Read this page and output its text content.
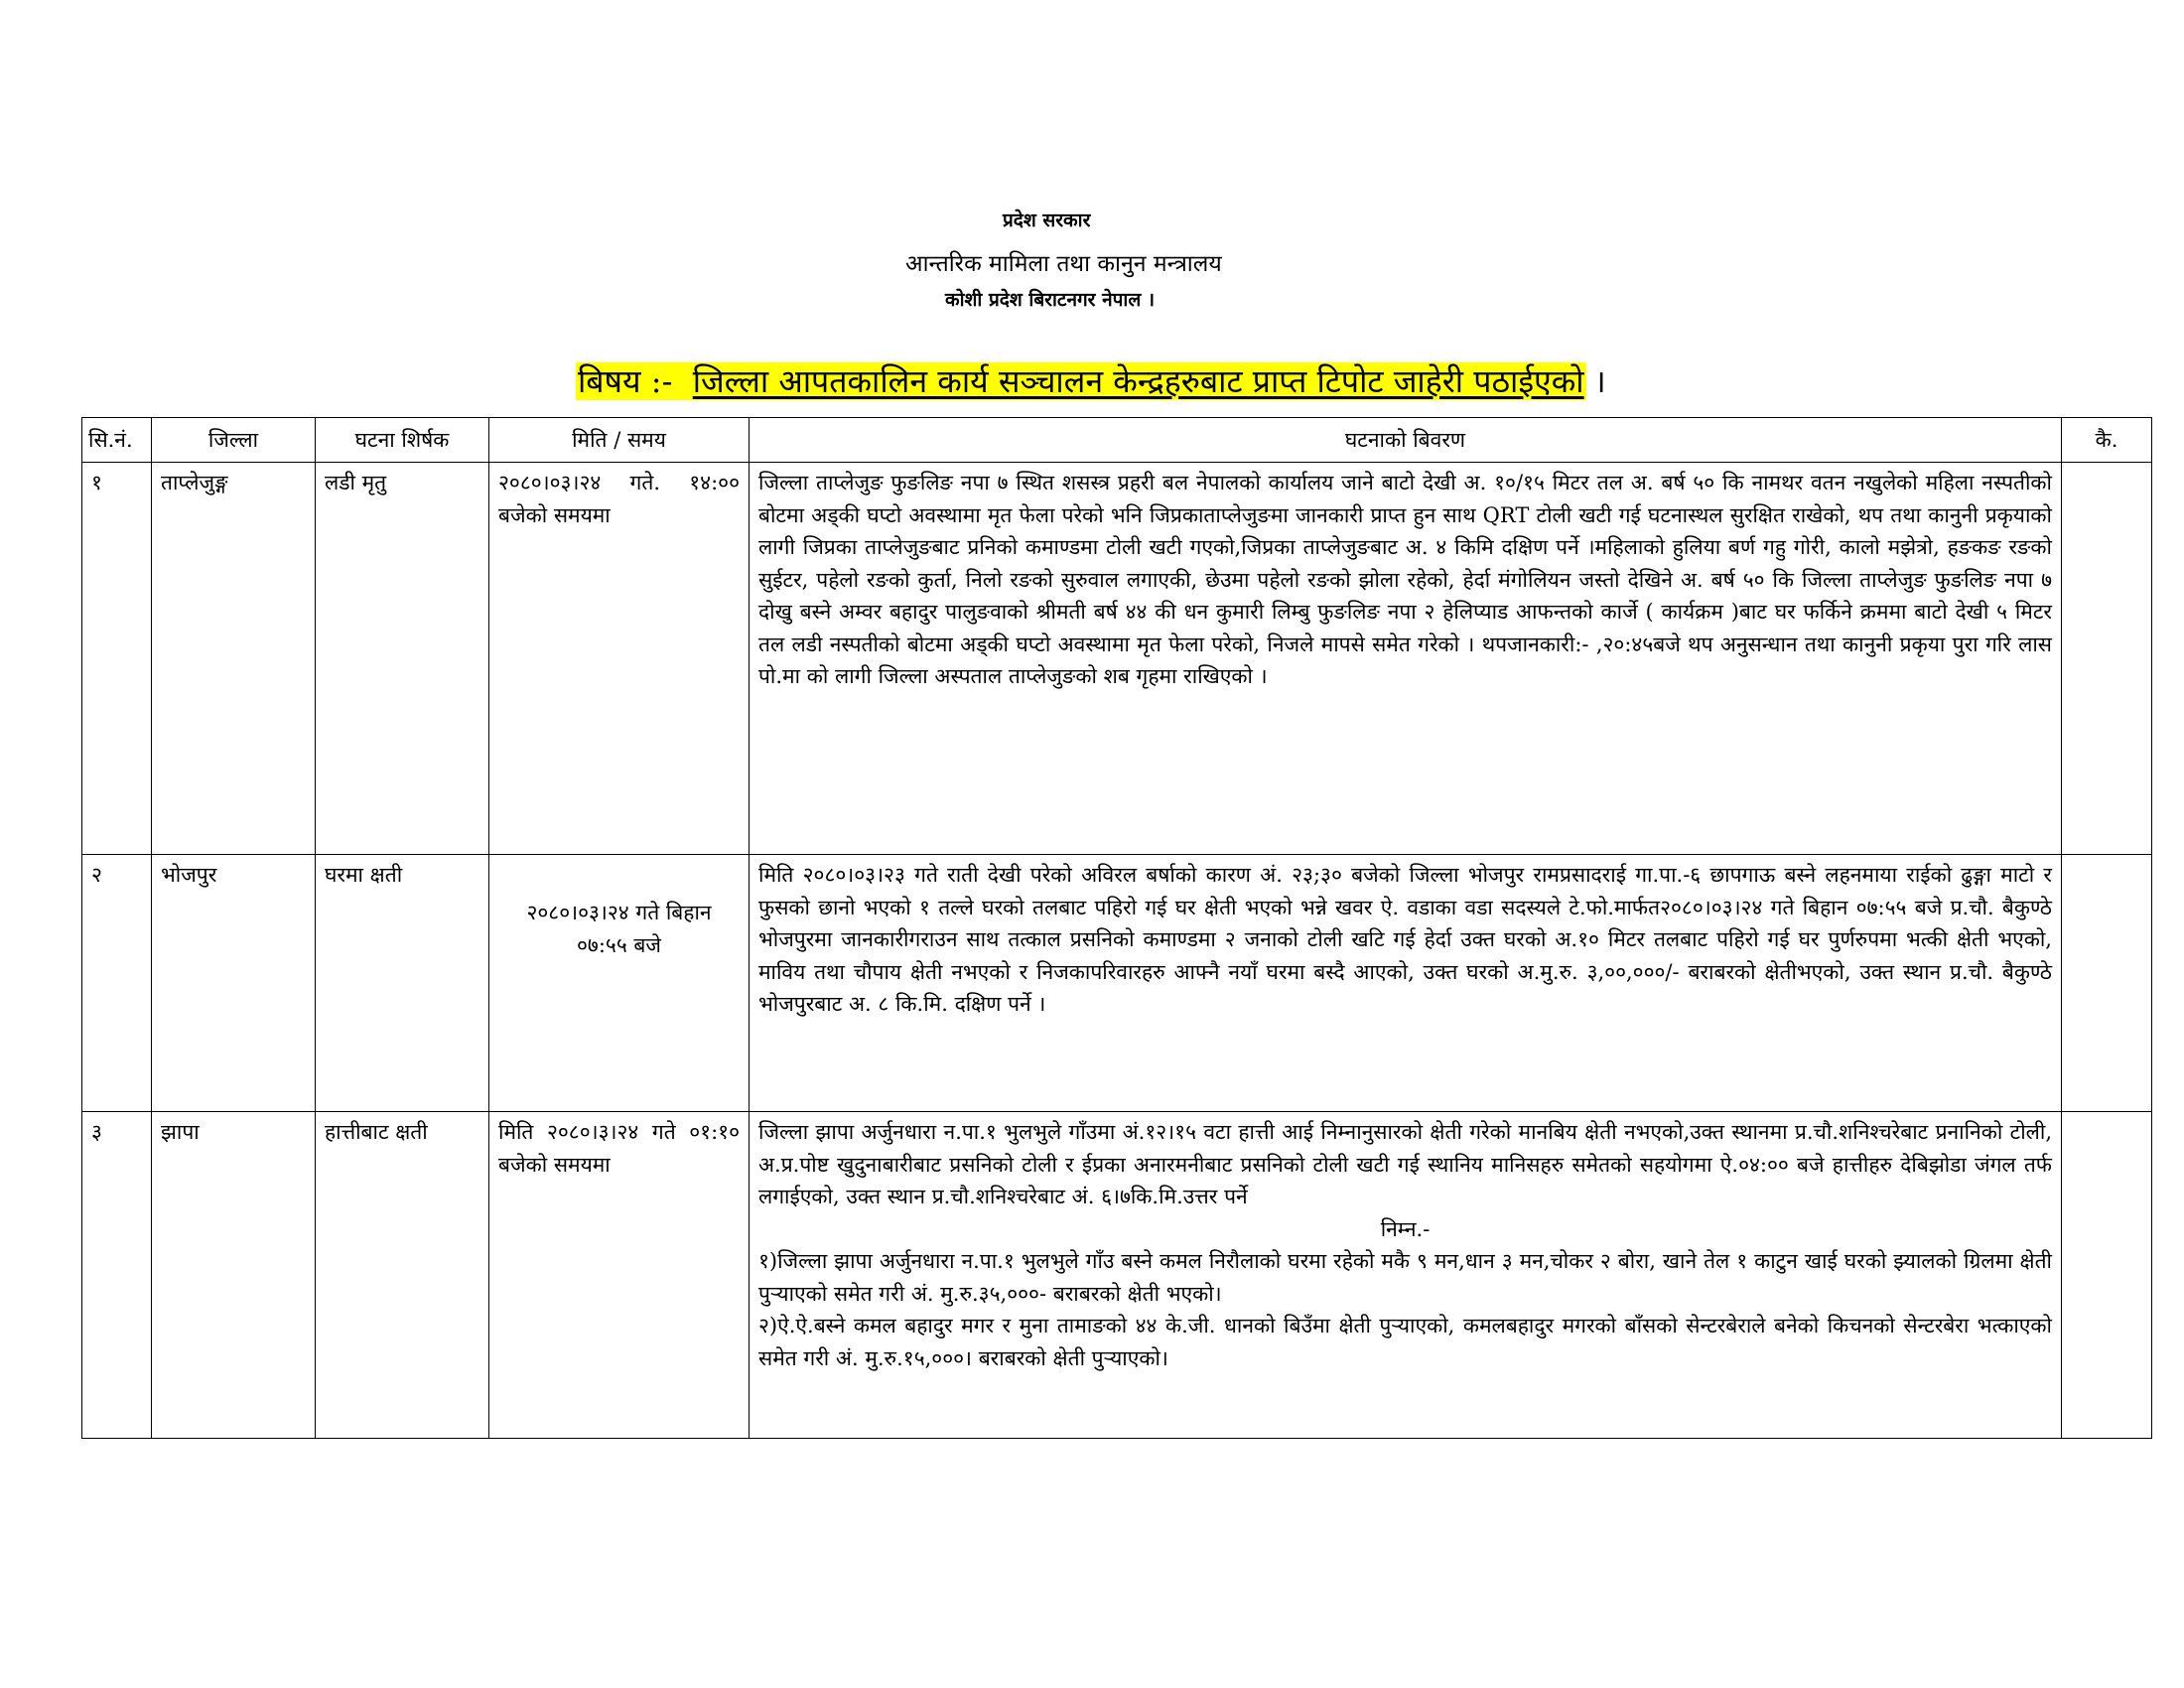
प्रदेश सरकार
आन्तरिक मामिला तथा कानुन मन्त्रालय
कोशी प्रदेश बिराटनगर नेपाल ।
बिषय :- जिल्ला आपतकालिन कार्य सञ्चालन केन्द्रहरुबाट प्राप्त टिपोट जाहेरी पठाईएको ।
सि.नं.	जिल्ला	घटना शिर्षक	मिति / समय	घटनाको बिवरण	कै.
१	ताप्लेजुङ्ग	लडी मृतु	२०८०।०३।२४ गते. १४:०० बजेको समयमा	जिल्ला ताप्लेजुङ फुङलिङ नपा ७ स्थित शसस्त्र प्रहरी बल नेपालको कार्यालय जाने बाटो देखी अ. १०/१५ मिटर तल अ. बर्ष ५० कि नामथर वतन नखुलेको महिला नस्पतीको बोटमा अड्की घप्टो अवस्थामा मृत फेला परेको भनि जिप्रकाताप्लेजुङमा जानकारी प्राप्त हुन साथ QRT टोली खटी गई घटनास्थल सुरक्षित राखेको, थप तथा कानुनी प्रकृयाको लागी जिप्रका ताप्लेजुङबाट प्रनिको कमाण्डमा टोली खटी गएको,जिप्रका ताप्लेजुङबाट अ. ४ किमि दक्षिण पर्ने ।महिलाको हुलिया बर्ण गहु गोरी, कालो मझेत्रो, हङकङ रङको सुईटर, पहेलो रङको कुर्ता, निलो रङको सुरुवाल लगाएकी, छेउमा पहेलो रङको झोला रहेको, हेर्दा मंगोलियन जस्तो देखिने अ. बर्ष ५० कि जिल्ला ताप्लेजुङ फुङलिङ नपा ७ दोखु बस्ने अम्वर बहादुर पालुङवाको श्रीमती बर्ष ४४ की धन कुमारी लिम्बु फुङलिङ नपा २ हेलिप्याड आफन्तको कार्जे ( कार्यक्रम )बाट घर फर्किने क्रममा बाटो देखी ५ मिटर तल लडी नस्पतीको बोटमा अड्की घप्टो अवस्थामा मृत फेला परेको, निजले मापसे समेत गरेको । थपजानकारी:- ,२०:४५बजे थप अनुसन्धान तथा कानुनी प्रकृया पुरा गरि लास पो.मा को लागी जिल्ला अस्पताल ताप्लेजुङको शब गृहमा राखिएको ।	
२	भोजपुर	घरमा क्षती	२०८०।०३।२४ गते बिहान ०७:५५ बजे	मिति २०८०।०३।२३ गते राती देखी परेको अविरल बर्षाको कारण अं. २३;३० बजेको जिल्ला भोजपुर रामप्रसादराई गा.पा.-६ छापगाऊ बस्ने लहनमाया राईको ढुङ्गा माटो र फुसको छानो भएको १ तल्ले घरको तलबाट पहिरो गई घर क्षेती भएको भन्ने खवर ऐ. वडाका वडा सदस्यले टे.फो.मार्फत२०८०।०३।२४ गते बिहान ०७:५५ बजे प्र.चौ. बैकुण्ठे भोजपुरमा जानकारीगराउन साथ तत्काल प्रसनिको कमाण्डमा २ जनाको टोली खटि गई हेर्दा उक्त घरको अ.१० मिटर तलबाट पहिरो गई घर पुर्णरुपमा भत्की क्षेती भएको, माविय तथा चौपाय क्षेती नभएको र निजकापरिवारहरु आफ्नै नयाँ घरमा बस्दै आएको, उक्त घरको अ.मु.रु. ३,००,०००/- बराबरको क्षेतीभएको, उक्त स्थान प्र.चौ. बैकुण्ठे भोजपुरबाट अ. ८ कि.मि. दक्षिण पर्ने ।	
३	झापा	हात्तीबाट क्षती	मिति २०८०।३।२४ गते ०१:१० बजेको समयमा	जिल्ला झापा अर्जुनधारा न.पा.१ भुलभुले गाँउमा अं.१२।१५ वटा हात्ती आई निम्नानुसारको क्षेती गरेको मानबिय क्षेती नभएको,उक्त स्थानमा प्र.चौ.शनिश्चरेबाट प्रनानिको टोली, अ.प्र.पोष्ट खुदुनाबारीबाट प्रसनिको टोली र ईप्रका अनारमनीबाट प्रसनिको टोली खटी गई स्थानिय मानिसहरु समेतको सहयोगमा ऐ.०४:०० बजे हात्तीहरु देबिझोडा जंगल तर्फ लगाईएको, उक्त स्थान प्र.चौ.शनिश्चरेबाट अं. ६।७कि.मि.उत्तर पर्ने
निम्न.-
१)जिल्ला झापा अर्जुनधारा न.पा.१ भुलभुले गाँउ बस्ने कमल निरौलाको घरमा रहेको मकै ९ मन,धान ३ मन,चोकर २ बोरा, खाने तेल १ काटुन खाई घरको झ्यालको ग्रिलमा क्षेती पुऱ्याएको समेत गरी अं. मु.रु.३५,०००- बराबरको क्षेती भएको।
२)ऐ.ऐ.बस्ने कमल बहादुर मगर र मुना तामाङको ४४ के.जी. धानको बिउँमा क्षेती पुऱ्याएको, कमलबहादुर मगरको बाँसको सेन्टरबेराले बनेको किचनको सेन्टरबेरा भत्काएको समेत गरी अं. मु.रु.१५,०००। बराबरको क्षेती पुऱ्याएको।	
